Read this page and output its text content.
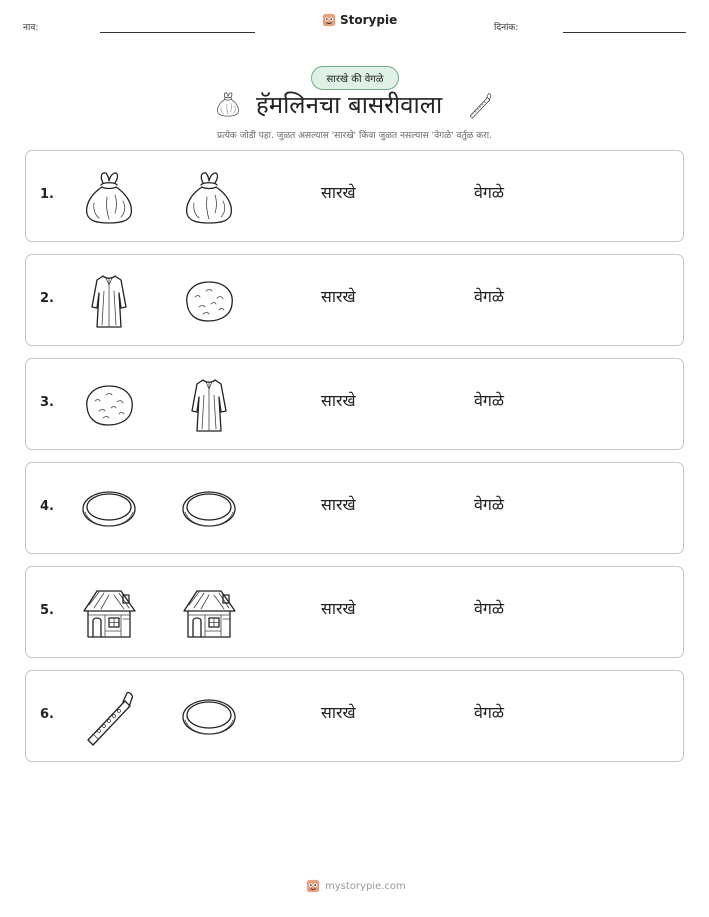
नाव:
Storypie
दिनांक:
सारखे की वेगळे
हॅमलिनचा बासरीवाला
प्रत्येक जोडी पहा. जुळत असल्यास 'सारखे' किंवा जुळत नसल्यास 'वेगळे' वर्तुळ करा.
1.	सारखे	वेगळे
2.	सारखे	वेगळे
3.	सारखे	वेगळे
4.	सारखे	वेगळे
5.	सारखे	वेगळे
6.	सारखे	वेगळे
mystorypie.com
